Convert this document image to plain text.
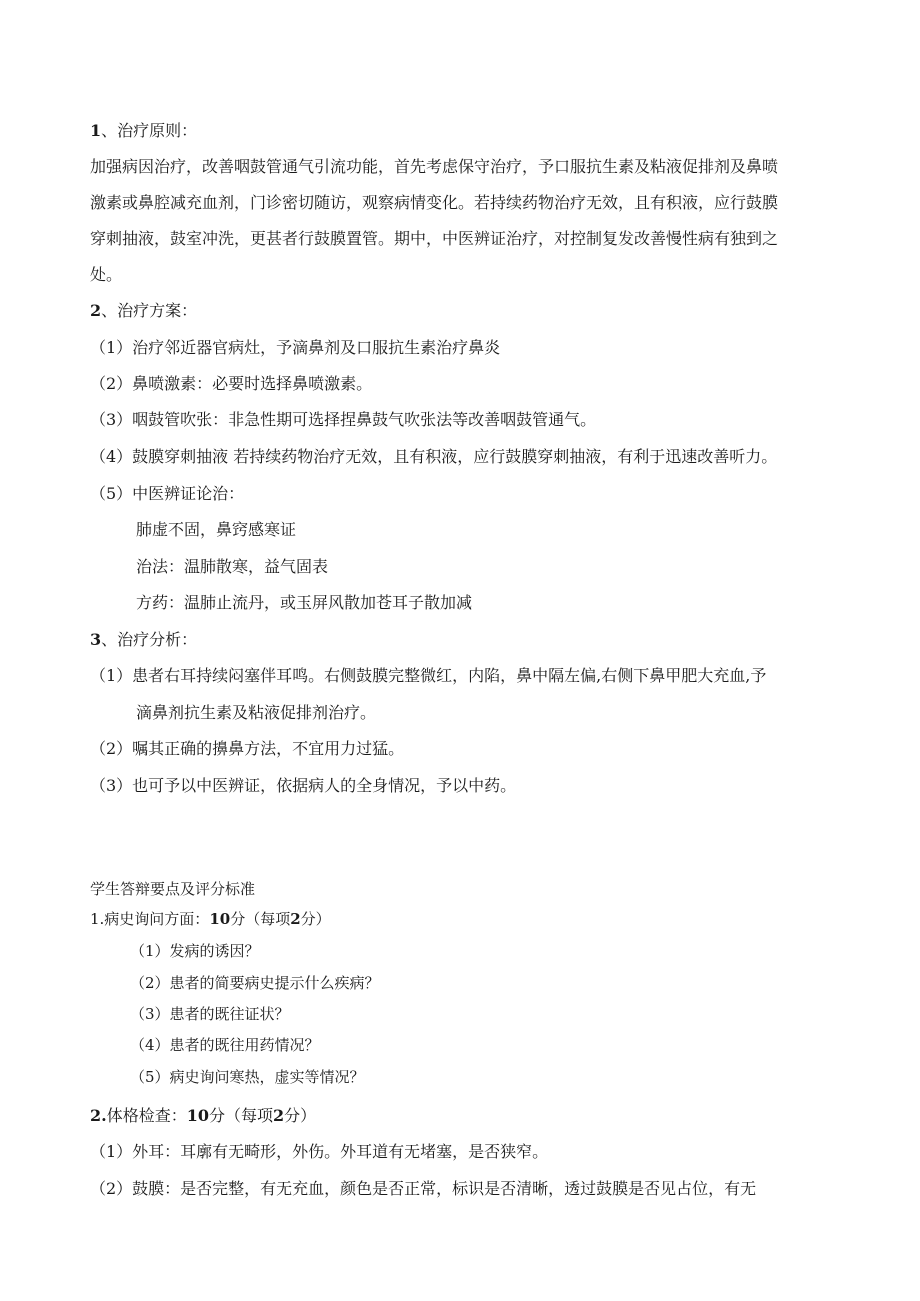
1、治疗原则：
加强病因治疗，改善咽鼓管通气引流功能，首先考虑保守治疗，予口服抗生素及粘液促排剂及鼻喷
激素或鼻腔减充血剂，门诊密切随访，观察病情变化。若持续药物治疗无效，且有积液，应行鼓膜
穿刺抽液，鼓室冲洗，更甚者行鼓膜置管。期中，中医辨证治疗，对控制复发改善慢性病有独到之
处。
2、治疗方案：
（1）治疗邻近器官病灶，予滴鼻剂及口服抗生素治疗鼻炎
（2）鼻喷激素：必要时选择鼻喷激素。
（3）咽鼓管吹张：非急性期可选择捏鼻鼓气吹张法等改善咽鼓管通气。
（4）鼓膜穿刺抽液 若持续药物治疗无效，且有积液，应行鼓膜穿刺抽液，有利于迅速改善听力。
（5）中医辨证论治：
肺虚不固，鼻窍感寒证
治法：温肺散寒，益气固表
方药：温肺止流丹，或玉屏风散加苍耳子散加减
3、治疗分析：
（1）患者右耳持续闷塞伴耳鸣。右侧鼓膜完整微红，内陷，鼻中隔左偏,右侧下鼻甲肥大充血,予
滴鼻剂抗生素及粘液促排剂治疗。
（2）嘱其正确的擤鼻方法，不宜用力过猛。
（3）也可予以中医辨证，依据病人的全身情况，予以中药。
学生答辩要点及评分标准
1.病史询问方面：10分（每项2分）
（1）发病的诱因？
（2）患者的简要病史提示什么疾病？
（3）患者的既往证状？
（4）患者的既往用药情况？
（5）病史询问寒热，虚实等情况？
2.体格检查：10分（每项2分）
（1）外耳：耳廓有无畸形，外伤。外耳道有无堵塞，是否狭窄。
（2）鼓膜：是否完整，有无充血，颜色是否正常，标识是否清晰，透过鼓膜是否见占位，有无
